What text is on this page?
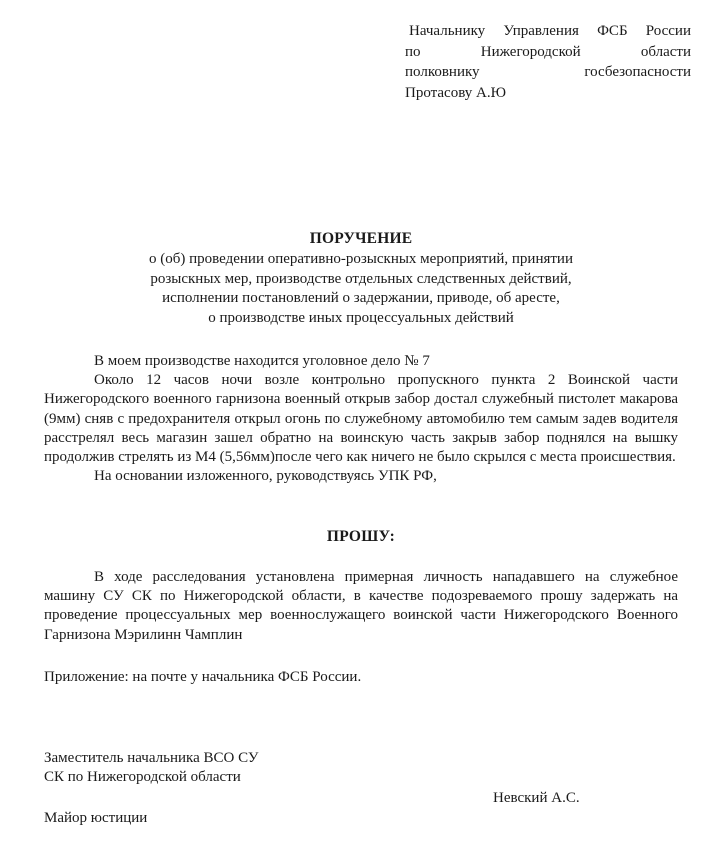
Начальнику Управления ФСБ России
по Нижегородской области
полковнику госбезопасности
Протасову А.Ю
ПОРУЧЕНИЕ
о (об) проведении оперативно-розыскных мероприятий, принятии
розыскных мер, производстве отдельных следственных действий,
исполнении постановлений о задержании, приводе, об аресте,
о производстве иных процессуальных действий

В моем производстве находится уголовное дело № 7

Около 12 часов ночи возле контрольно пропускного пункта 2 Воинской части Нижегородского военного гарнизона военный открыв забор достал служебный пистолет макарова (9мм) сняв с предохранителя открыл огонь по служебному автомобилю тем самым задев водителя расстрелял весь магазин зашел обратно на воинскую часть закрыв забор поднялся на вышку продолжив стрелять из М4 (5,56мм)после чего как ничего не было скрылся с места происшествия.

На основании изложенного, руководствуясь УПК РФ,

ПРОШУ:

В ходе расследования установлена примерная личность нападавшего на служебное машину СУ СК по Нижегородской области, в качестве подозреваемого прошу задержать на проведение процессуальных мер военнослужащего воинской части Нижегородского Военного Гарнизона Мэрилинн Чамплин

Приложение: на почте у начальника ФСБ России.
Заместитель начальника ВСО СУ
СК по Нижегородской области
Невский А.С.
Майор юстиции
